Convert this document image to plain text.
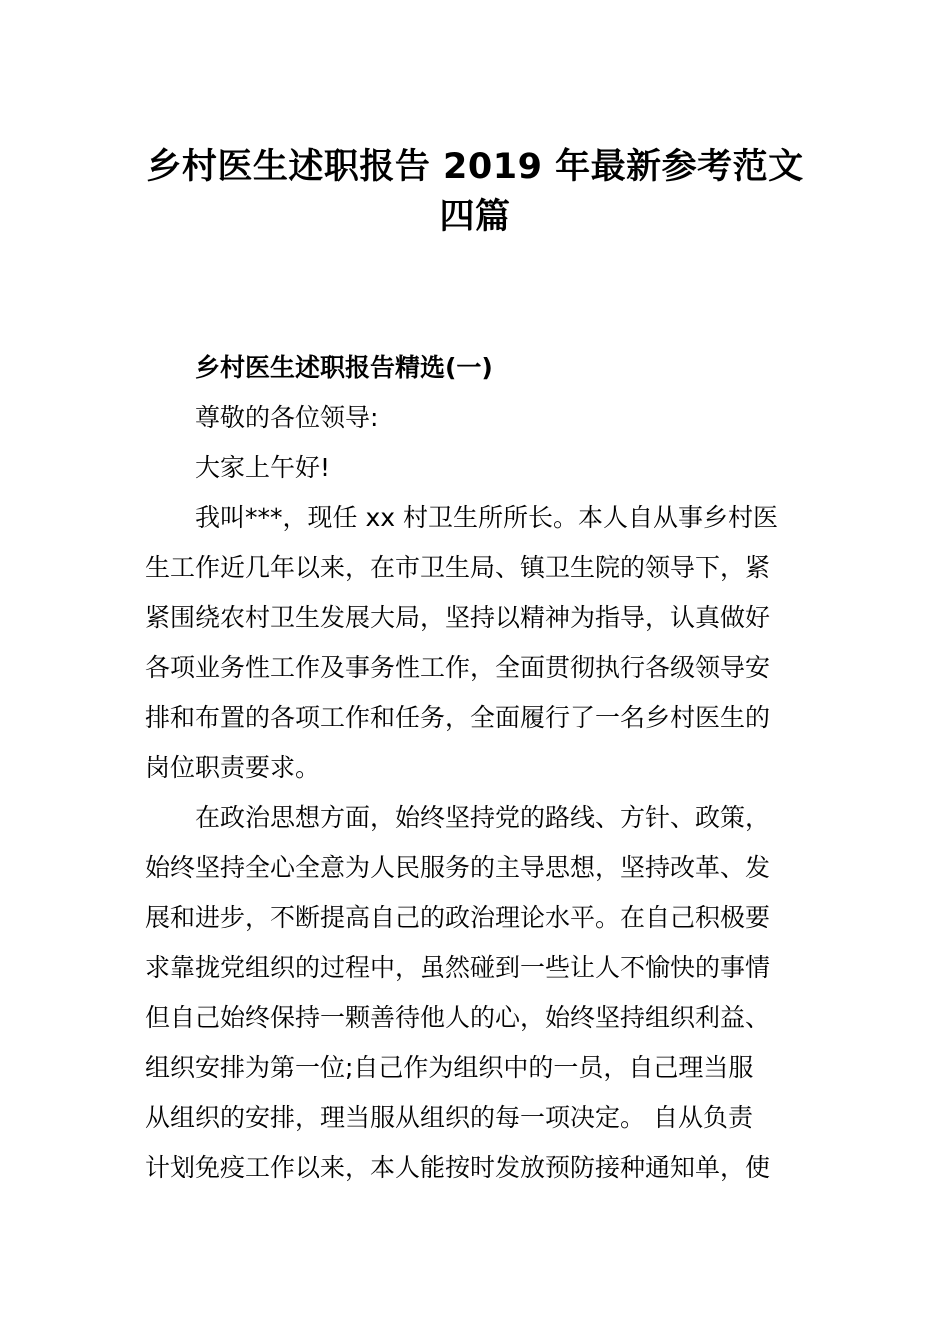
乡村医生述职报告 2019 年最新参考范文四篇

乡村医生述职报告精选(一)

尊敬的各位领导:

大家上午好!

我叫***，现任 xx 村卫生所所长。本人自从事乡村医
生工作近几年以来，在市卫生局、镇卫生院的领导下，紧
紧围绕农村卫生发展大局，坚持以精神为指导，认真做好
各项业务性工作及事务性工作，全面贯彻执行各级领导安
排和布置的各项工作和任务，全面履行了一名乡村医生的
岗位职责要求。
在政治思想方面，始终坚持党的路线、方针、政策，
始终坚持全心全意为人民服务的主导思想，坚持改革、发
展和进步，不断提高自己的政治理论水平。在自己积极要
求靠拢党组织的过程中，虽然碰到一些让人不愉快的事情
但自己始终保持一颗善待他人的心，始终坚持组织利益、
组织安排为第一位;自己作为组织中的一员，自己理当服
从组织的安排，理当服从组织的每一项决定。 自从负责
计划免疫工作以来，本人能按时发放预防接种通知单，使
